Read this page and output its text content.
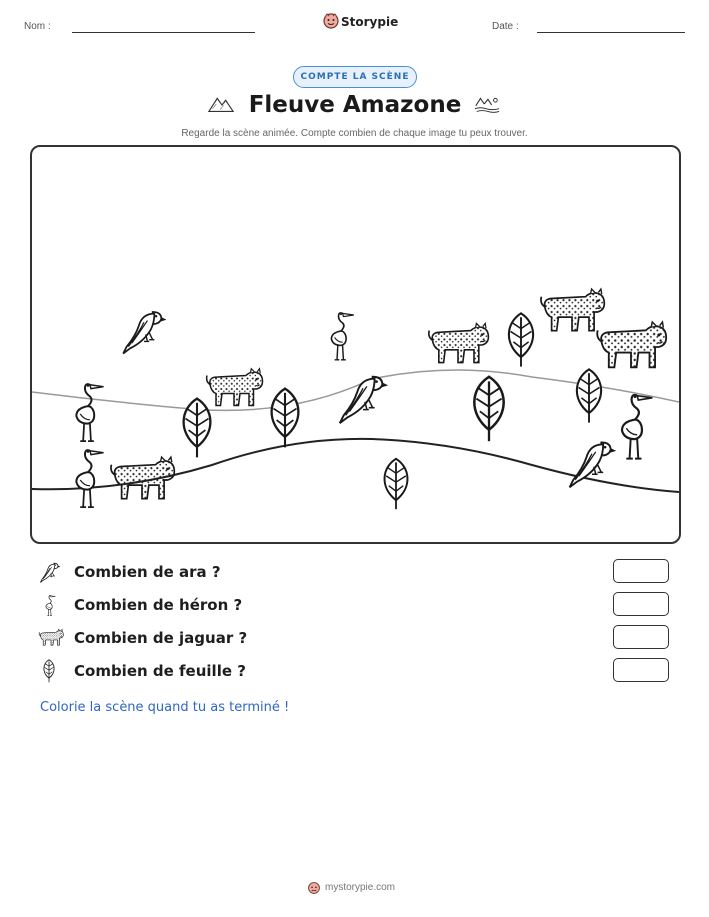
Nom :	Storypie	Date :
COMPTE LA SCÈNE
Fleuve Amazone
Regarde la scène animée. Compte combien de chaque image tu peux trouver.
Combien de ara ?
Combien de héron ?
Combien de jaguar ?
Combien de feuille ?
Colorie la scène quand tu as terminé !
mystorypie.com
